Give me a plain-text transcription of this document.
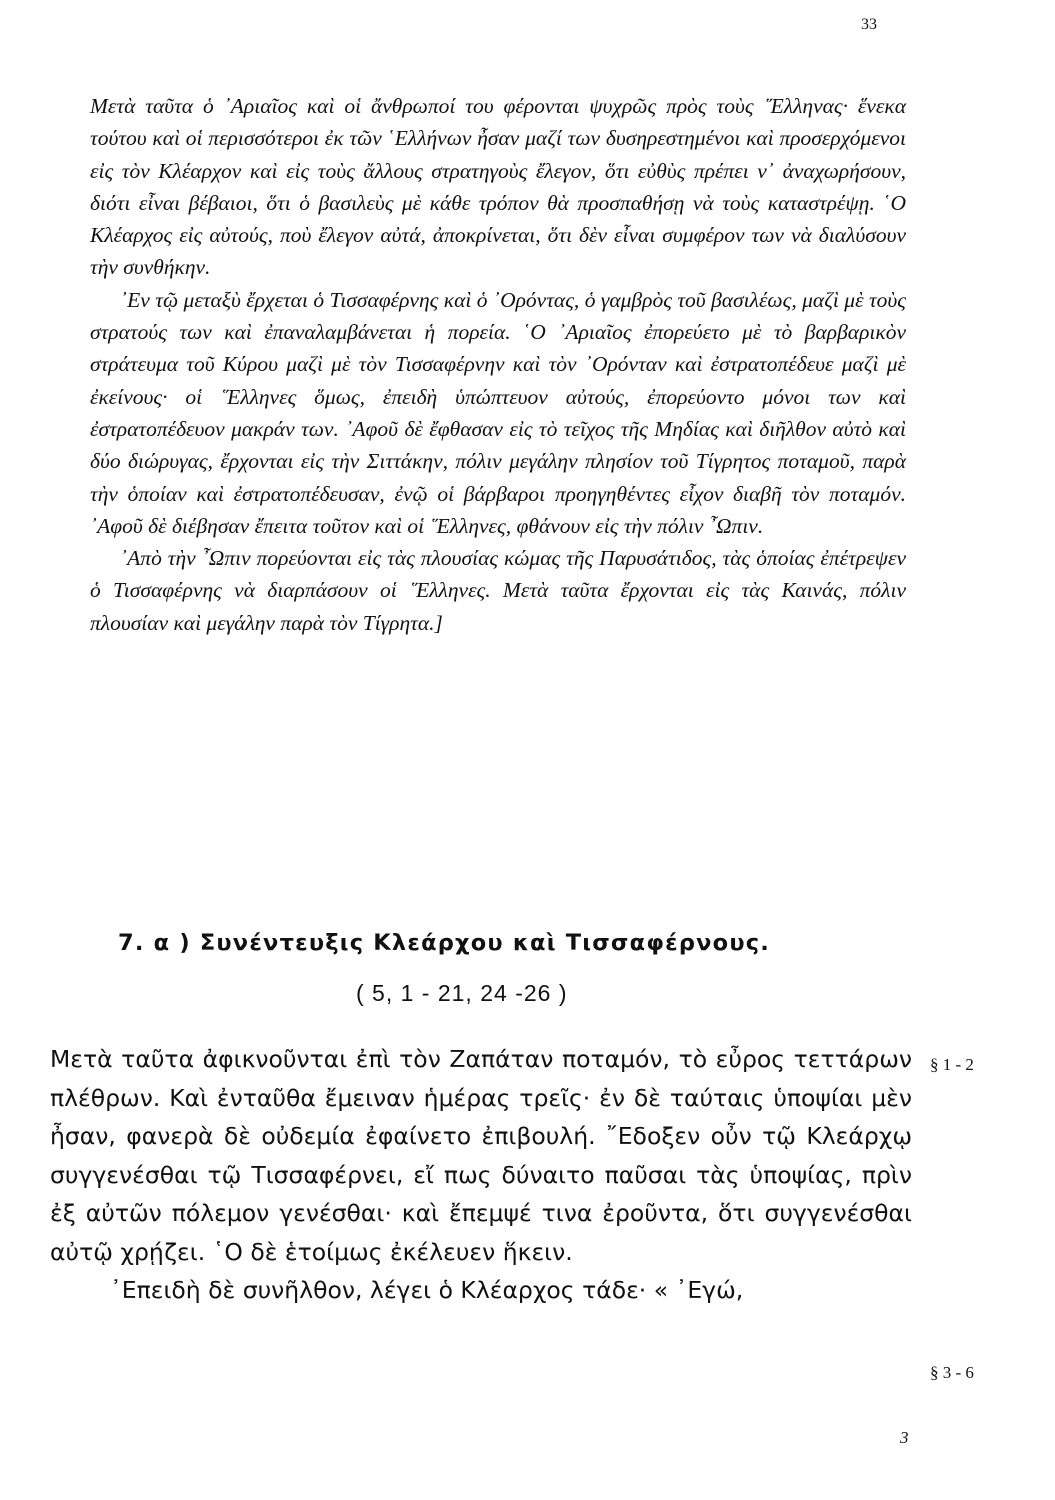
33

Μετὰ ταῦτα ὁ ᾿Αριαῖος καὶ οἱ ἄνθρωποί του φέρονται ψυχρῶς πρὸς τοὺς ῞Ελληνας· ἕνεκα τούτου καὶ οἱ περισσότεροι ἐκ τῶν ῾Ελλήνων ἦσαν μαζί των δυσηρεστημένοι καὶ προσερχόμενοι εἰς τὸν Κλέαρχον καὶ εἰς τοὺς ἄλλους στρατηγοὺς ἔλεγον, ὅτι εὐθὺς πρέπει ν᾿ ἀναχωρήσουν, διότι εἶναι βέβαιοι, ὅτι ὁ βασιλεὺς μὲ κάθε τρόπον θὰ προσπαθήσῃ νὰ τοὺς καταστρέψῃ. ῾Ο Κλέαρχος εἰς αὐτούς, ποὺ ἔλεγον αὐτά, ἀποκρίνεται, ὅτι δὲν εἶναι συμφέρον των νὰ διαλύσουν τὴν συνθήκην.

᾿Εν τῷ μεταξὺ ἔρχεται ὁ Τισσαφέρνης καὶ ὁ ᾿Ορόντας, ὁ γαμβρὸς τοῦ βασιλέως, μαζὶ μὲ τοὺς στρατούς των καὶ ἐπαναλαμβάνεται ἡ πορεία. ῾Ο ᾿Αριαῖος ἐπορεύετο μὲ τὸ βαρβαρικὸν στράτευμα τοῦ Κύρου μαζὶ μὲ τὸν Τισσαφέρνην καὶ τὸν ᾿Ορόνταν καὶ ἐστρατοπέδευε μαζὶ μὲ ἐκείνους· οἱ ῞Ελληνες ὅμως, ἐπειδὴ ὑπώπτευον αὐτούς, ἐπορεύοντο μόνοι των καὶ ἐστρατοπέδευον μακράν των. ᾿Αφοῦ δὲ ἔφθασαν εἰς τὸ τεῖχος τῆς Μηδίας καὶ διῆλθον αὐτὸ καὶ δύο διώρυγας, ἔρχονται εἰς τὴν Σιττάκην, πόλιν μεγάλην πλησίον τοῦ Τίγρητος ποταμοῦ, παρὰ τὴν ὁποίαν καὶ ἐστρατοπέδευσαν, ἐνῷ οἱ βάρβαροι προηγηθέντες εἶχον διαβῆ τὸν ποταμόν. ᾿Αφοῦ δὲ διέβησαν ἔπειτα τοῦτον καὶ οἱ ῞Ελληνες, φθάνουν εἰς τὴν πόλιν ῏Ωπιν.

᾿Απὸ τὴν ῏Ωπιν πορεύονται εἰς τὰς πλουσίας κώμας τῆς Παρυσάτιδος, τὰς ὁποίας ἐπέτρεψεν ὁ Τισσαφέρνης νὰ διαρπάσουν οἱ ῞Ελληνες. Μετὰ ταῦτα ἔρχονται εἰς τὰς Καινάς, πόλιν πλουσίαν καὶ μεγάλην παρὰ τὸν Τίγρητα.]

7. α ) Συνέντευξις Κλεάρχου καὶ Τισσαφέρνους.
( 5, 1 - 21, 24 -26 )

Μετὰ ταῦτα ἀφικνοῦνται ἐπὶ τὸν Ζαπάταν ποταμόν, τὸ εὖρος τεττάρων πλέθρων. Καὶ ἐνταῦθα ἔμειναν ἡμέρας τρεῖς· ἐν δὲ ταύταις ὑποψίαι μὲν ἦσαν, φανερὰ δὲ οὐδεμία ἐφαίνετο ἐπιβουλή. ῎Εδοξεν οὖν τῷ Κλεάρχῳ συγγενέσθαι τῷ Τισσαφέρνει, εἴ πως δύναιτο παῦσαι τὰς ὑποψίας, πρὶν ἐξ αὐτῶν πόλεμον γενέσθαι· καὶ ἔπεμψέ τινα ἐροῦντα, ὅτι συγγενέσθαι αὐτῷ χρῄζει. ῾Ο δὲ ἑτοίμως ἐκέλευεν ἥκειν.

᾿Επειδὴ δὲ συνῆλθον, λέγει ὁ Κλέαρχος τάδε· « ᾿Εγώ,

§ 1 - 2
§ 3 - 6
3
